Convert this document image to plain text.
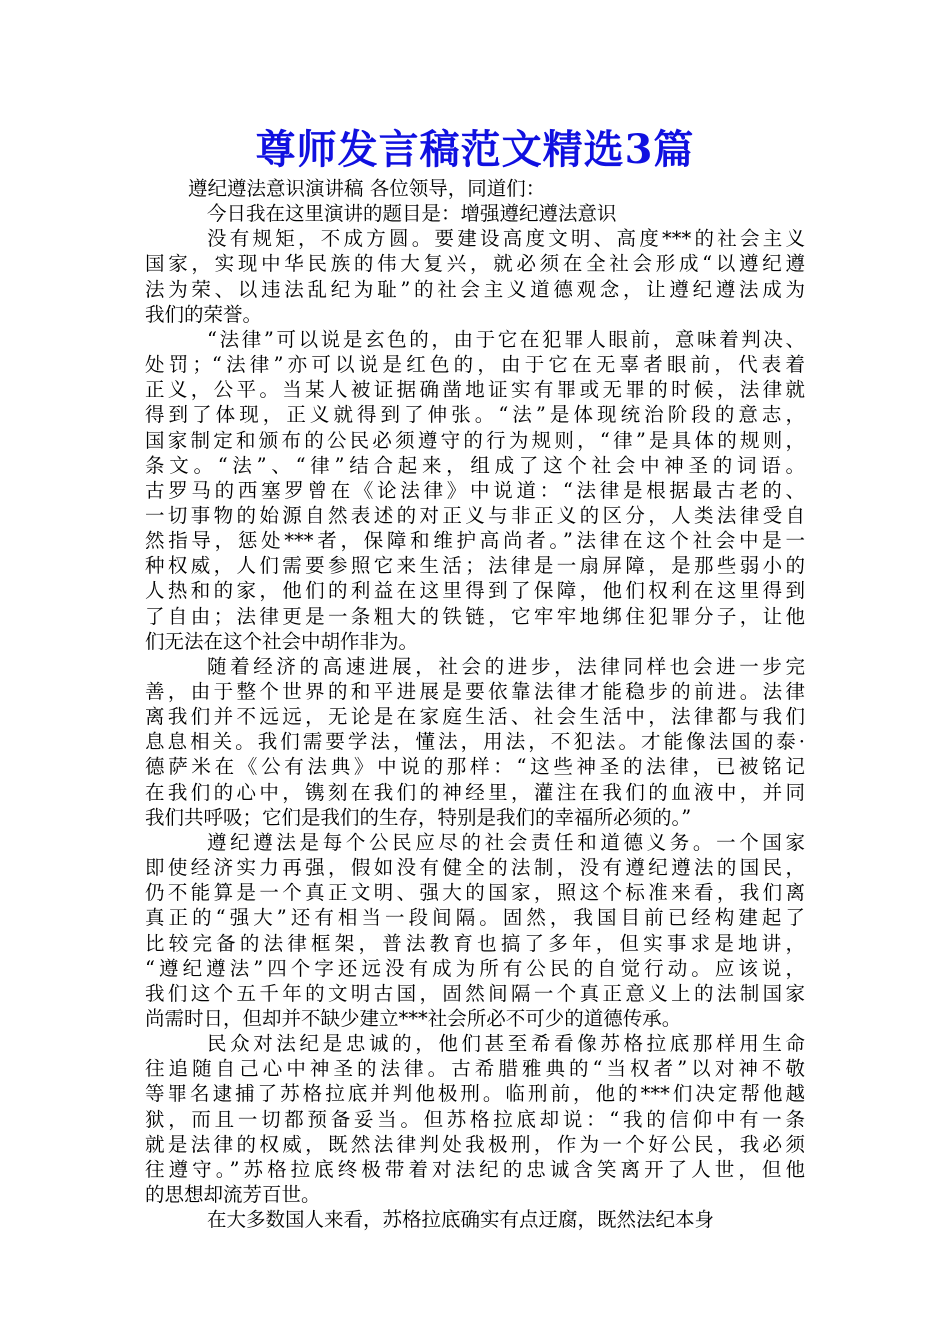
尊师发言稿范文精选3篇
遵纪遵法意识演讲稿 各位领导，同道们：
今日我在这里演讲的题目是：增强遵纪遵法意识
没有规矩，不成方圆。要建设高度文明、高度***的社会主义
国家，实现中华民族的伟大复兴，就必须在全社会形成“以遵纪遵
法为荣、以违法乱纪为耻”的社会主义道德观念，让遵纪遵法成为
我们的荣誉。
“法律”可以说是玄色的，由于它在犯罪人眼前，意味着判决、
处罚；“法律”亦可以说是红色的，由于它在无辜者眼前，代表着
正义，公平。当某人被证据确凿地证实有罪或无罪的时候，法律就
得到了体现，正义就得到了伸张。“法”是体现统治阶段的意志，
国家制定和颁布的公民必须遵守的行为规则，“律”是具体的规则，
条文。“法”、“律”结合起来，组成了这个社会中神圣的词语。
古罗马的西塞罗曾在《论法律》中说道：“法律是根据最古老的、
一切事物的始源自然表述的对正义与非正义的区分，人类法律受自
然指导，惩处***者，保障和维护高尚者。”法律在这个社会中是一
种权威，人们需要参照它来生活；法律是一扇屏障，是那些弱小的
人热和的家，他们的利益在这里得到了保障，他们权利在这里得到
了自由；法律更是一条粗大的铁链，它牢牢地绑住犯罪分子，让他
们无法在这个社会中胡作非为。
随着经济的高速进展，社会的进步，法律同样也会进一步完
善，由于整个世界的和平进展是要依靠法律才能稳步的前进。法律
离我们并不远远，无论是在家庭生活、社会生活中，法律都与我们
息息相关。我们需要学法，懂法，用法，不犯法。才能像法国的泰·
德萨米在《公有法典》中说的那样：“这些神圣的法律，已被铭记
在我们的心中，镌刻在我们的神经里，灌注在我们的血液中，并同
我们共呼吸；它们是我们的生存，特别是我们的幸福所必须的。”
遵纪遵法是每个公民应尽的社会责任和道德义务。一个国家
即使经济实力再强，假如没有健全的法制，没有遵纪遵法的国民，
仍不能算是一个真正文明、强大的国家，照这个标准来看，我们离
真正的“强大”还有相当一段间隔。固然，我国目前已经构建起了
比较完备的法律框架，普法教育也搞了多年，但实事求是地讲，
“遵纪遵法”四个字还远没有成为所有公民的自觉行动。应该说，
我们这个五千年的文明古国，固然间隔一个真正意义上的法制国家
尚需时日，但却并不缺少建立***社会所必不可少的道德传承。
民众对法纪是忠诚的，他们甚至希看像苏格拉底那样用生命
往追随自己心中神圣的法律。古希腊雅典的“当权者”以对神不敬
等罪名逮捕了苏格拉底并判他极刑。临刑前，他的***们决定帮他越
狱，而且一切都预备妥当。但苏格拉底却说：“我的信仰中有一条
就是法律的权威，既然法律判处我极刑，作为一个好公民，我必须
往遵守。”苏格拉底终极带着对法纪的忠诚含笑离开了人世，但他
的思想却流芳百世。
在大多数国人来看，苏格拉底确实有点迂腐，既然法纪本身
